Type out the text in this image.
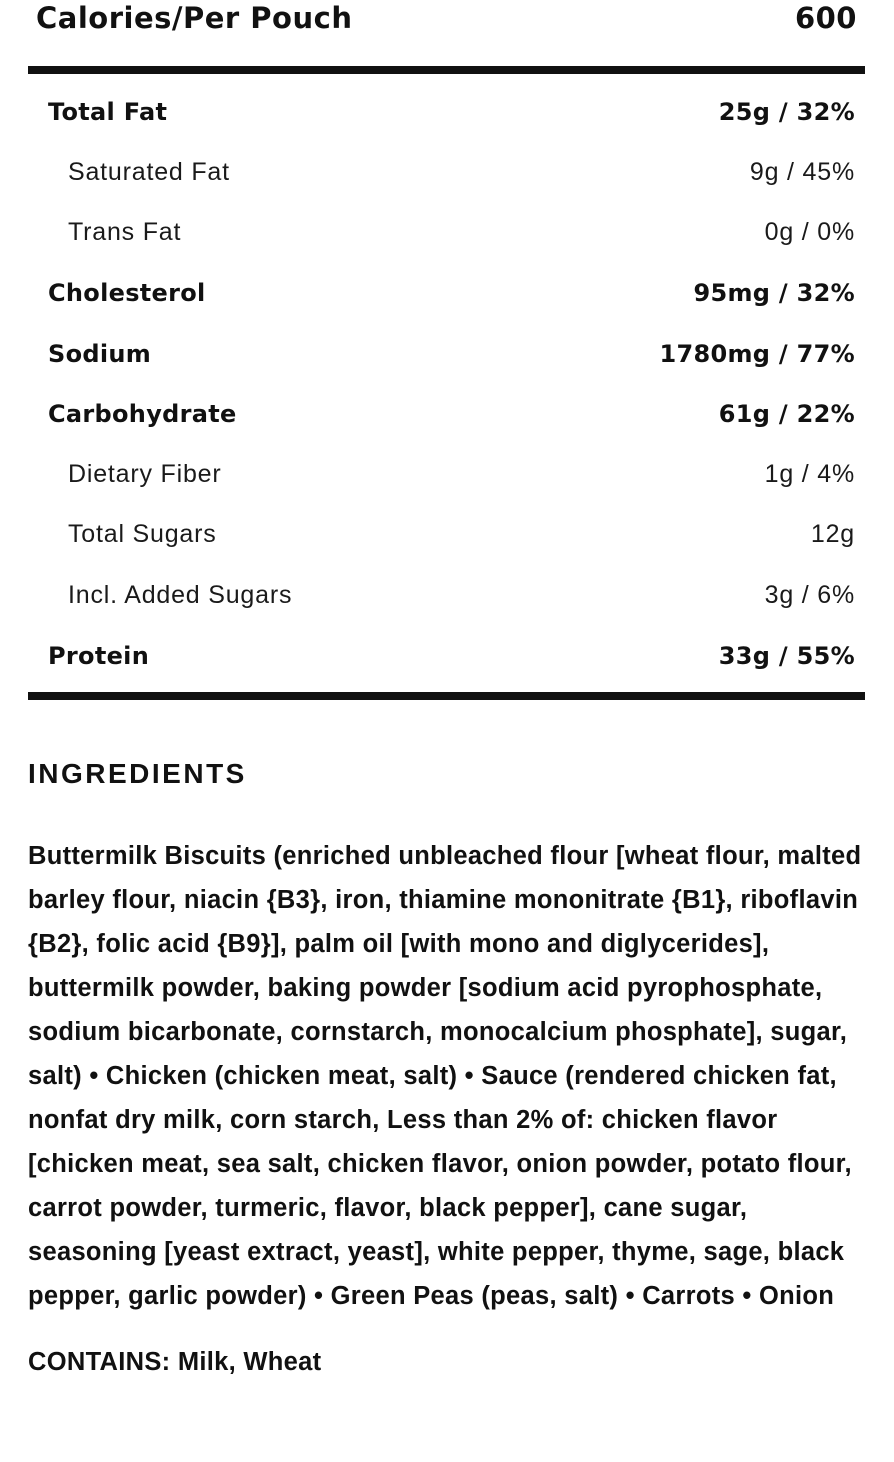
Calories/Per Pouch	600
Total Fat	25g / 32%
Saturated Fat	9g / 45%
Trans Fat	0g / 0%
Cholesterol	95mg / 32%
Sodium	1780mg / 77%
Carbohydrate	61g / 22%
Dietary Fiber	1g / 4%
Total Sugars	12g
Incl. Added Sugars	3g / 6%
Protein	33g / 55%
INGREDIENTS
Buttermilk Biscuits (enriched unbleached flour [wheat flour, malted barley flour, niacin {B3}, iron, thiamine mononitrate {B1}, riboflavin {B2}, folic acid {B9}], palm oil [with mono and diglycerides], buttermilk powder, baking powder [sodium acid pyrophosphate, sodium bicarbonate, cornstarch, monocalcium phosphate], sugar, salt) • Chicken (chicken meat, salt) • Sauce (rendered chicken fat, nonfat dry milk, corn starch, Less than 2% of: chicken flavor [chicken meat, sea salt, chicken flavor, onion powder, potato flour, carrot powder, turmeric, flavor, black pepper], cane sugar, seasoning [yeast extract, yeast], white pepper, thyme, sage, black pepper, garlic powder) • Green Peas (peas, salt) • Carrots • Onion
CONTAINS: Milk, Wheat
